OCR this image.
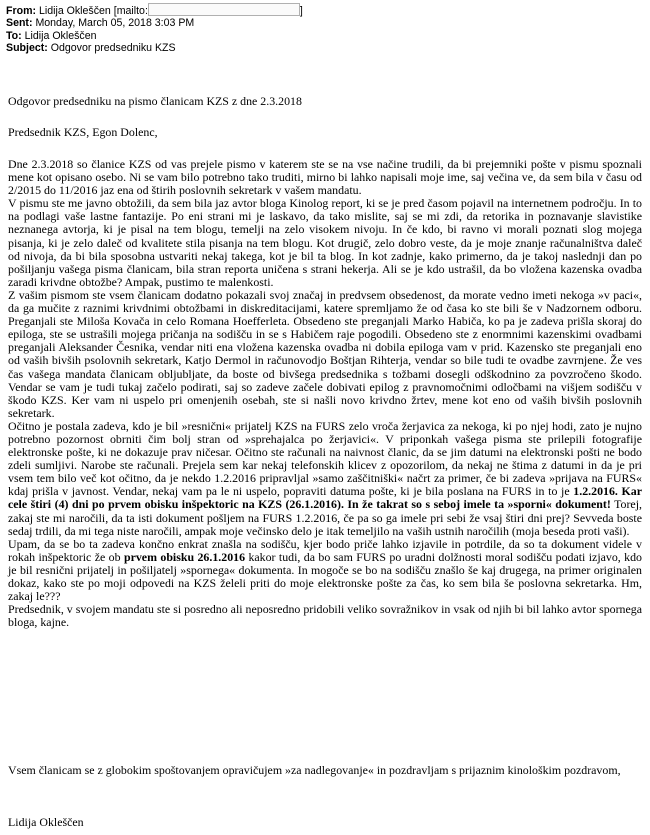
From: Lidija Okleščen [mailto:	]
Sent: Monday, March 05, 2018 3:03 PM
To: Lidija Okleščen
Subject: Odgovor predsedniku KZS
Odgovor predsedniku na pismo članicam KZS z dne 2.3.2018
Predsednik KZS, Egon Dolenc,

Dne 2.3.2018 so članice KZS od vas prejele pismo v katerem ste se na vse načine trudili, da bi prejemniki pošte v pismu spoznali mene kot opisano osebo. Ni se vam bilo potrebno tako truditi, mirno bi lahko napisali moje ime, saj večina ve, da sem bila v času od 2/2015 do 11/2016 jaz ena od štirih poslovnih sekretark v vašem mandatu.

V pismu ste me javno obtožili, da sem bila jaz avtor bloga Kinolog report, ki se je pred časom pojavil na internetnem področju. In to na podlagi vaše lastne fantazije. Po eni strani mi je laskavo, da tako mislite, saj se mi zdi, da retorika in poznavanje slavistike neznanega avtorja, ki je pisal na tem blogu, temelji na zelo visokem nivoju. In če kdo, bi ravno vi morali poznati slog mojega pisanja, ki je zelo daleč od kvalitete stila pisanja na tem blogu. Kot drugič, zelo dobro veste, da je moje znanje računalništva daleč od nivoja, da bi bila sposobna ustvariti nekaj takega, kot je bil ta blog. In kot zadnje, kako primerno, da je takoj naslednji dan po pošiljanju vašega pisma članicam, bila stran reporta uničena s strani hekerja. Ali se je kdo ustrašil, da bo vložena kazenska ovadba zaradi krivdne obtožbe? Ampak, pustimo te malenkosti.

Z vašim pismom ste vsem članicam dodatno pokazali svoj značaj in predvsem obsedenost, da morate vedno imeti nekoga »v paci«, da ga mučite z raznimi krivdnimi obtožbami in diskreditacijami, katere spremljamo že od časa ko ste bili še v Nadzornem odboru. Preganjali ste Miloša Kovača in celo Romana Hoefferleta. Obsedeno ste preganjali Marko Habiča, ko pa je zadeva prišla skoraj do epiloga, ste se ustrašili mojega pričanja na sodišču in se s Habičem raje pogodili. Obsedeno ste z enormnimi kazenskimi ovadbami preganjali Aleksander Česnika, vendar niti ena vložena kazenska ovadba ni dobila epiloga vam v prid. Kazensko ste preganjali eno od vaših bivših psolovnih sekretark, Katjo Dermol in računovodjo Boštjan Rihterja, vendar so bile tudi te ovadbe zavrnjene. Že ves čas vašega mandata članicam obljubljate, da boste od bivšega predsednika s tožbami dosegli odškodnino za povzročeno škodo. Vendar se vam je tudi tukaj začelo podirati, saj so zadeve začele dobivati epilog z pravnomočnimi odločbami na višjem sodišču v škodo KZS. Ker vam ni uspelo pri omenjenih osebah, ste si našli novo krivdno žrtev, mene kot eno od vaših bivših poslovnih sekretark.

Očitno je postala zadeva, kdo je bil »resnični« prijatelj KZS na FURS zelo vroča žerjavica za nekoga, ki po njej hodi, zato je nujno potrebno pozornost obrniti čim bolj stran od »sprehajalca po žerjavici«. V priponkah vašega pisma ste prilepili fotografije elektronske pošte, ki ne dokazuje prav ničesar. Očitno ste računali na naivnost članic, da se jim datumi na elektronski pošti ne bodo zdeli sumljivi. Narobe ste računali. Prejela sem kar nekaj telefonskih klicev z opozorilom, da nekaj ne štima z datumi in da je pri vsem tem bilo več kot očitno, da je nekdo 1.2.2016 pripravljal »samo zaščitniški« načrt za primer, če bi zadeva »prijava na FURS« kdaj prišla v javnost. Vendar, nekaj vam pa le ni uspelo, popraviti datuma pošte, ki je bila poslana na FURS in to je 1.2.2016. Kar cele štiri (4) dni po prvem obisku inšpektoric na KZS (26.1.2016). In že takrat so s seboj imele ta »sporni« dokument! Torej, zakaj ste mi naročili, da ta isti dokument pošljem na FURS 1.2.2016, če pa so ga imele pri sebi že vsaj štiri dni prej? Sevveda boste sedaj trdili, da mi tega niste naročili, ampak moje večinsko delo je itak temeljilo na vaših ustnih naročilih (moja beseda proti vaši).

Upam, da se bo ta zadeva končno enkrat znašla na sodišču, kjer bodo priče lahko izjavile in potrdile, da so ta dokument videle v rokah inšpektoric že ob prvem obisku 26.1.2016 kakor tudi, da bo sam FURS po uradni dolžnosti moral sodišču podati izjavo, kdo je bil resnični prijatelj in pošiljatelj »spornega« dokumenta. In mogoče se bo na sodišču znašlo še kaj drugega, na primer originalen dokaz, kako ste po moji odpovedi na KZS želeli priti do moje elektronske pošte za čas, ko sem bila še poslovna sekretarka. Hm, zakaj le???

Predsednik, v svojem mandatu ste si posredno ali neposredno pridobili veliko sovražnikov in vsak od njih bi bil lahko avtor spornega bloga, kajne.

Vsem članicam se z globokim spoštovanjem opravičujem »za nadlegovanje« in pozdravljam s prijaznim kinološkim pozdravom,
Lidija Okleščen
